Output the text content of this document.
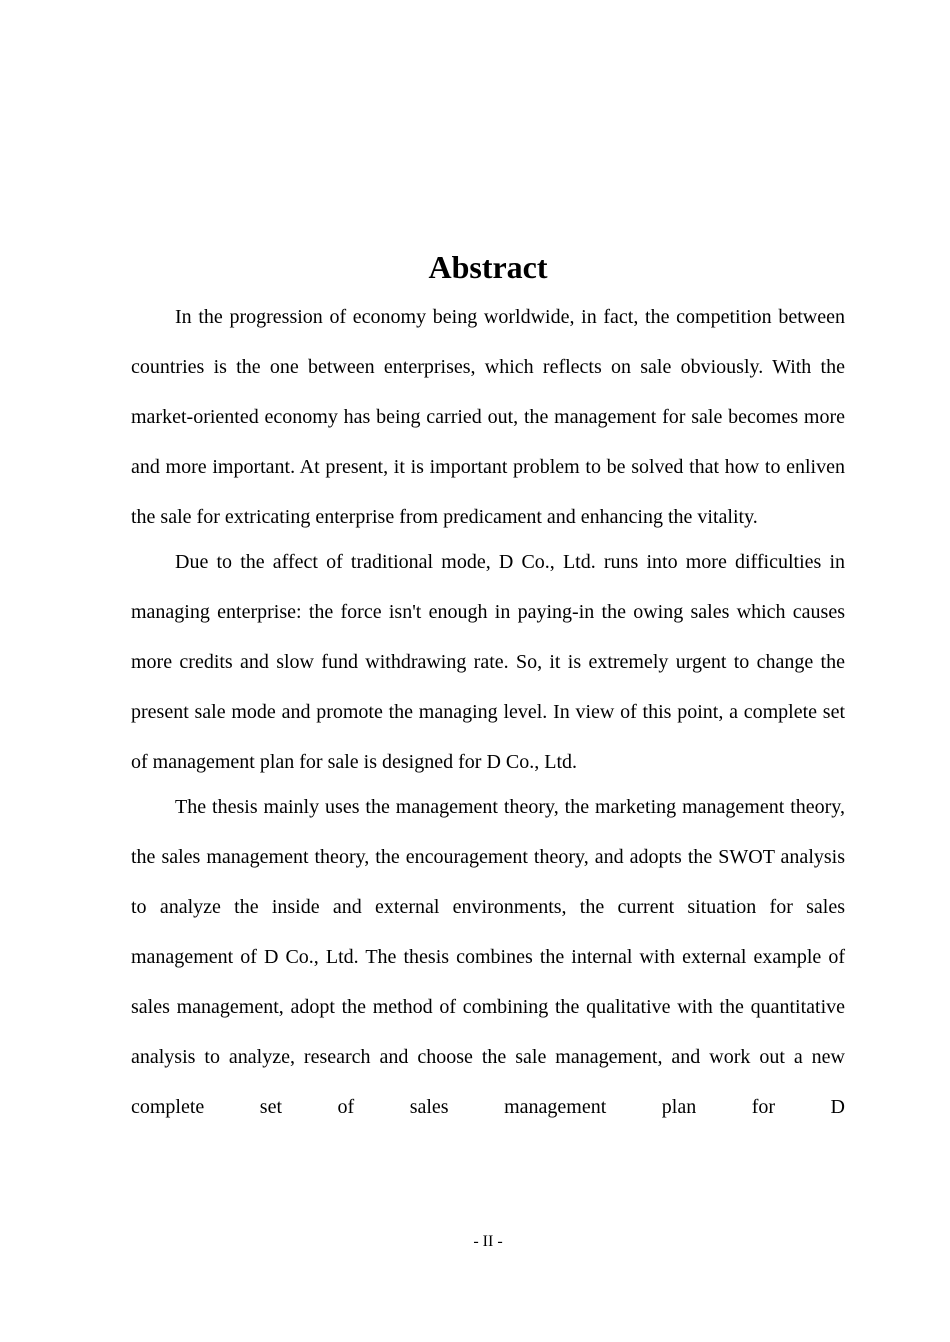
Abstract

In the progression of economy being worldwide, in fact, the competition between countries is the one between enterprises, which reflects on sale obviously. With the market-oriented economy has being carried out, the management for sale becomes more and more important. At present, it is important problem to be solved that how to enliven the sale for extricating enterprise from predicament and enhancing the vitality.

Due to the affect of traditional mode, D Co., Ltd. runs into more difficulties in managing enterprise: the force isn't enough in paying-in the owing sales which causes more credits and slow fund withdrawing rate. So, it is extremely urgent to change the present sale mode and promote the managing level. In view of this point, a complete set of management plan for sale is designed for D Co., Ltd.

The thesis mainly uses the management theory, the marketing management theory, the sales management theory, the encouragement theory, and adopts the SWOT analysis to analyze the inside and external environments, the current situation for sales management of D Co., Ltd. The thesis combines the internal with external example of sales management, adopt the method of combining the qualitative with the quantitative analysis to analyze, research and choose the sale management, and work out a new complete set of sales management plan for D

- II -
